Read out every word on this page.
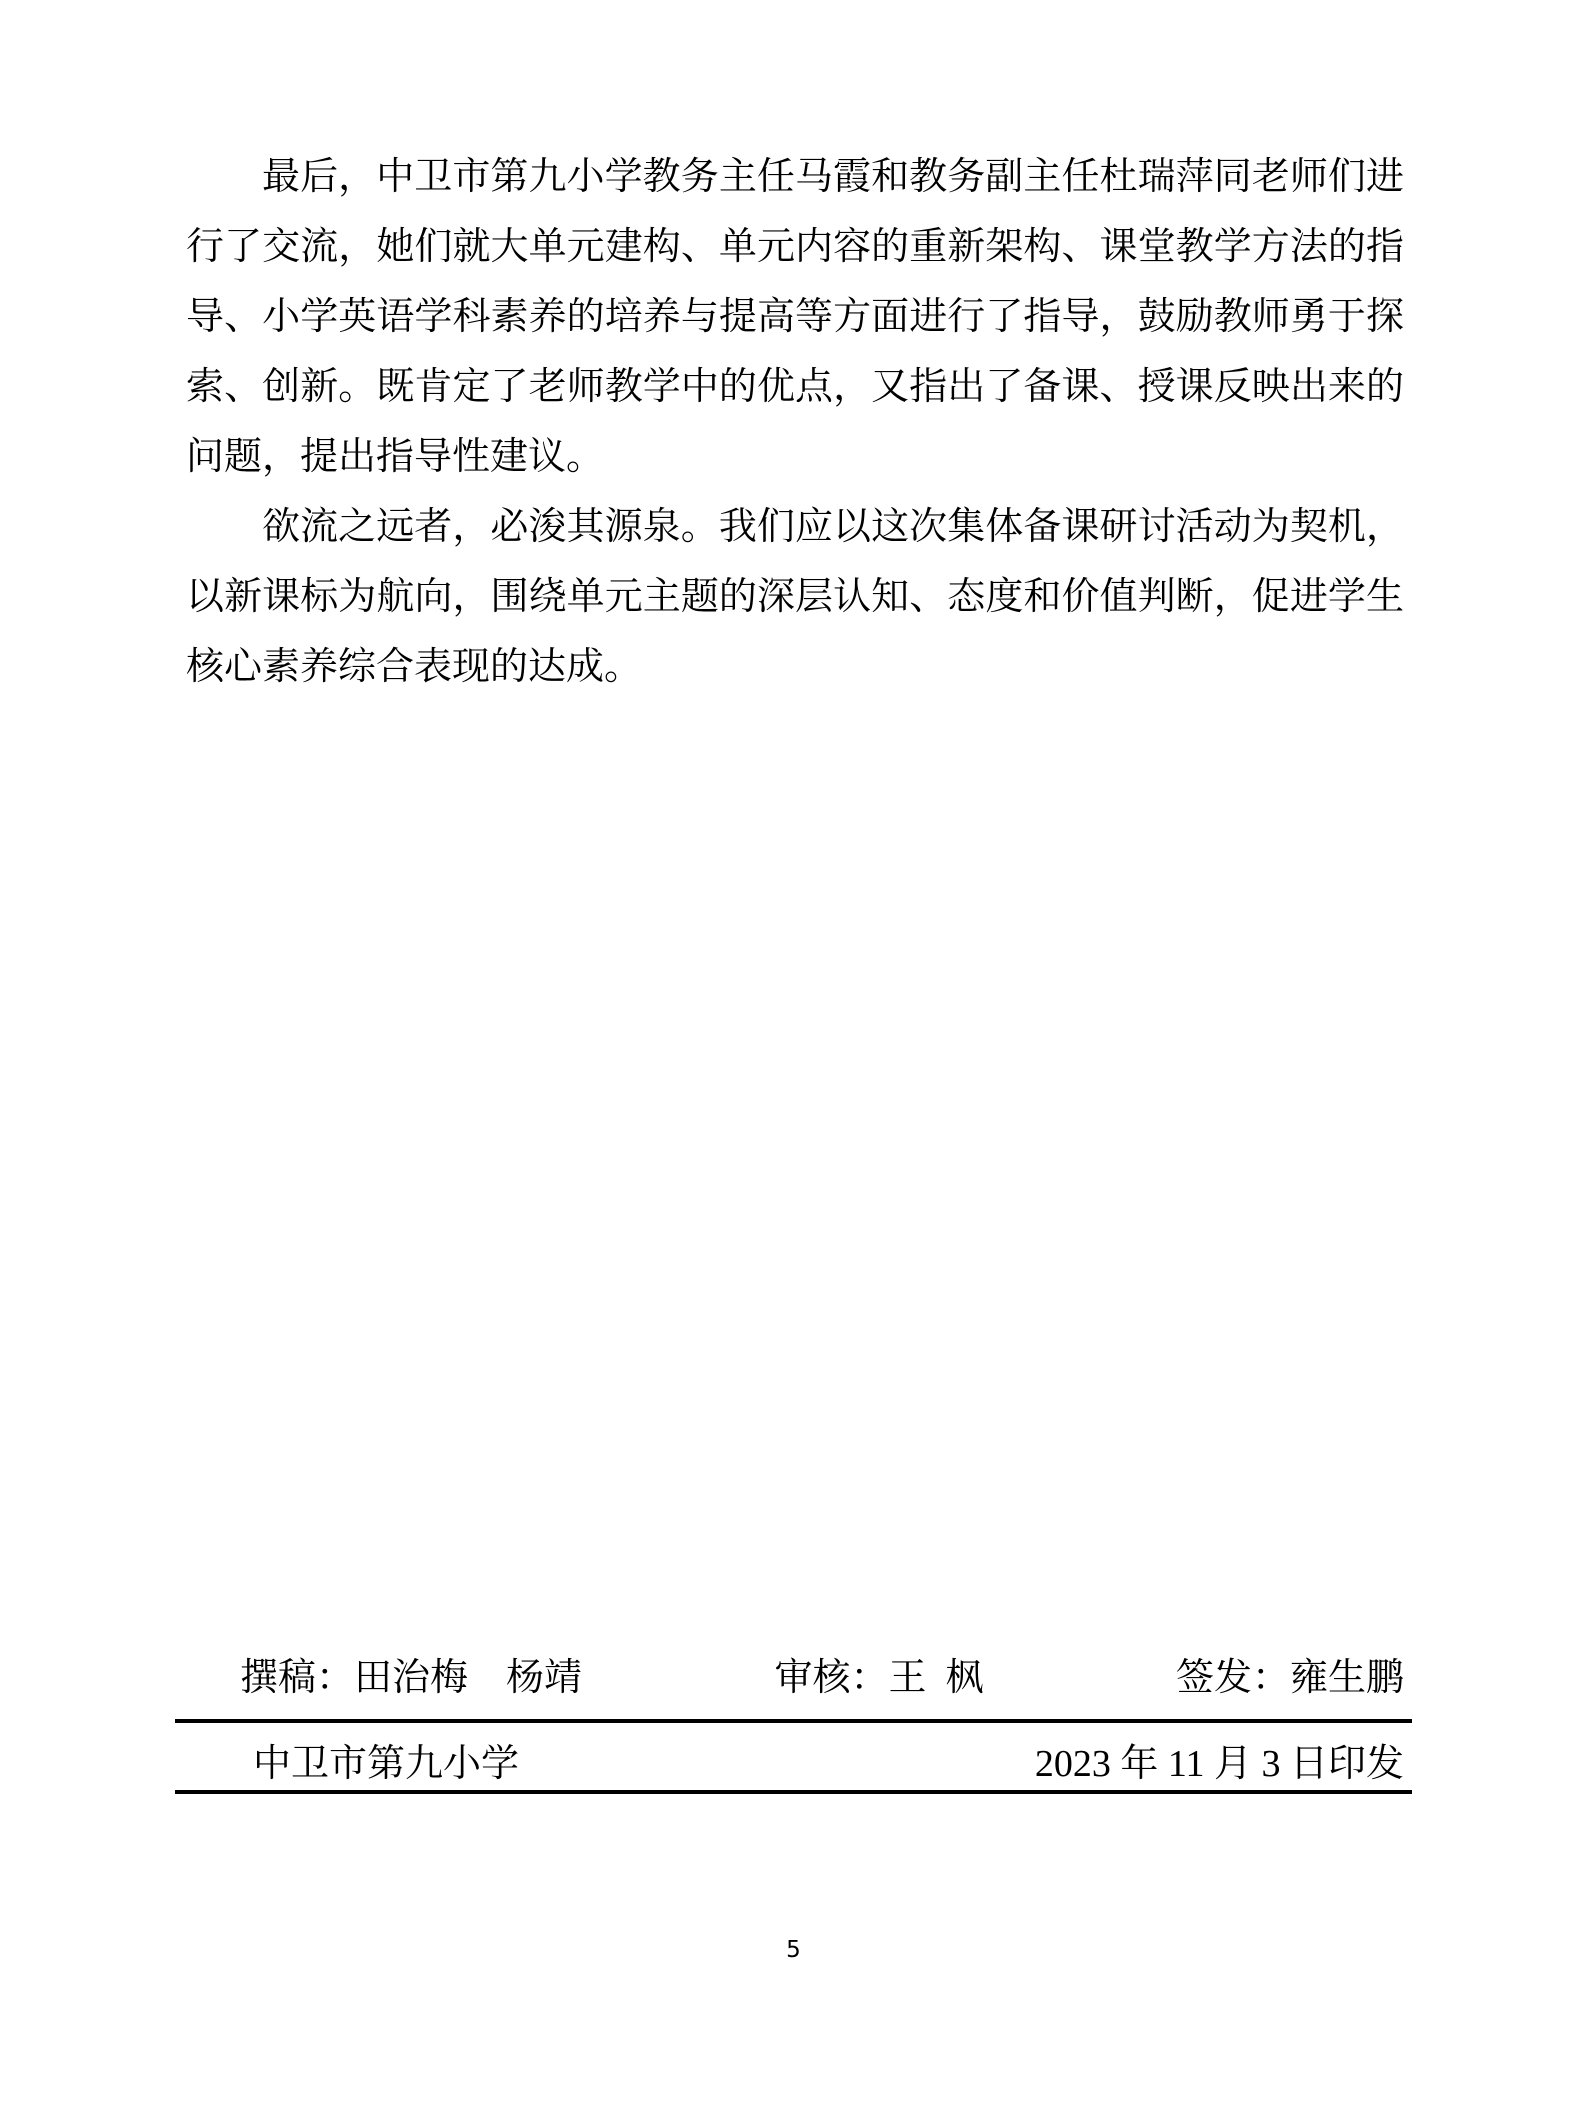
最后，中卫市第九小学教务主任马霞和教务副主任杜瑞萍同老师们进行了交流，她们就大单元建构、单元内容的重新架构、课堂教学方法的指导、小学英语学科素养的培养与提高等方面进行了指导，鼓励教师勇于探索、创新。既肯定了老师教学中的优点，又指出了备课、授课反映出来的问题，提出指导性建议。

欲流之远者，必浚其源泉。我们应以这次集体备课研讨活动为契机，以新课标为航向，围绕单元主题的深层认知、态度和价值判断，促进学生核心素养综合表现的达成。

撰稿：田治梅　杨靖	审核：王  枫	签发：雍生鹏
中卫市第九小学	2023 年 11 月 3 日印发
5
